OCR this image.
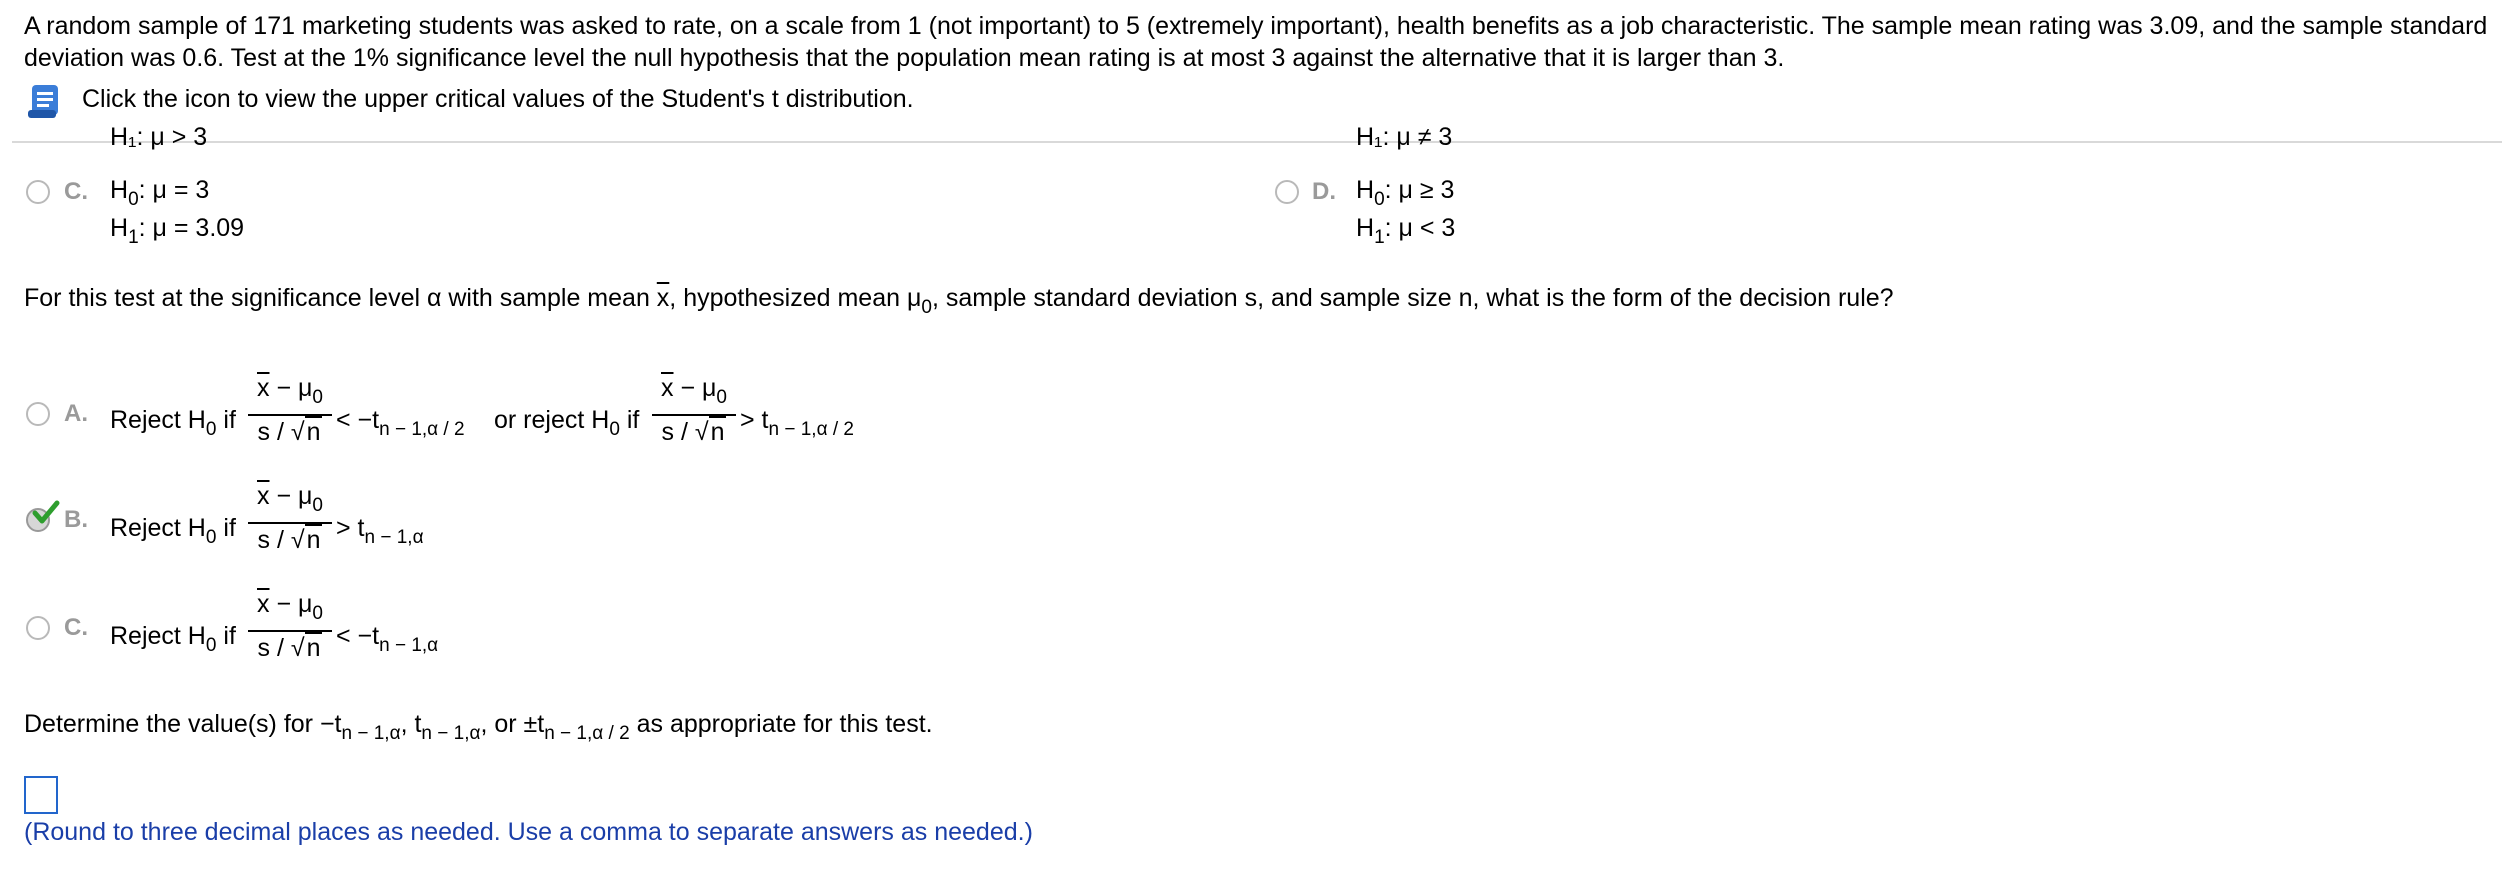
A random sample of 171 marketing students was asked to rate, on a scale from 1 (not important) to 5 (extremely important), health benefits as a job characteristic. The sample mean rating was 3.09, and the sample standard deviation was 0.6. Test at the 1% significance level the null hypothesis that the population mean rating is at most 3 against the alternative that it is larger than 3.
Click the icon to view the upper critical values of the Student's t distribution.
H₁: μ > 3	H₁: μ ≠ 3
C. $H_0$: μ = 3
$H_1$: μ = 3.09
D. $H_0$: μ ≥ 3
$H_1$: μ < 3
For this test at the significance level α with sample mean $\overline{x}$, hypothesized mean $\mu_0$, sample standard deviation s, and sample size n, what is the form of the decision rule?
A. Reject $H_0$ if
$\overline{x} - \mu_0$
$s / √n < -t_{n - 1,\alpha / 2}$ or reject $H_0$ if
$\overline{x} - \mu_0$
$s / √n > t_{n - 1,\alpha / 2}$
B. Reject $H_0$ if
$\overline{x} - \mu_0$
$s / √n > t_{n - 1,\alpha}$
C. Reject $H_0$ if
$\overline{x} - \mu_0$
$s / √n < -t_{n - 1,\alpha}$
Determine the value(s) for $-t_{n - 1,\alpha}$, $t_{n - 1,\alpha}$, or $\pm t_{n - 1,\alpha / 2}$ as appropriate for this test.
(Round to three decimal places as needed. Use a comma to separate answers as needed.)
